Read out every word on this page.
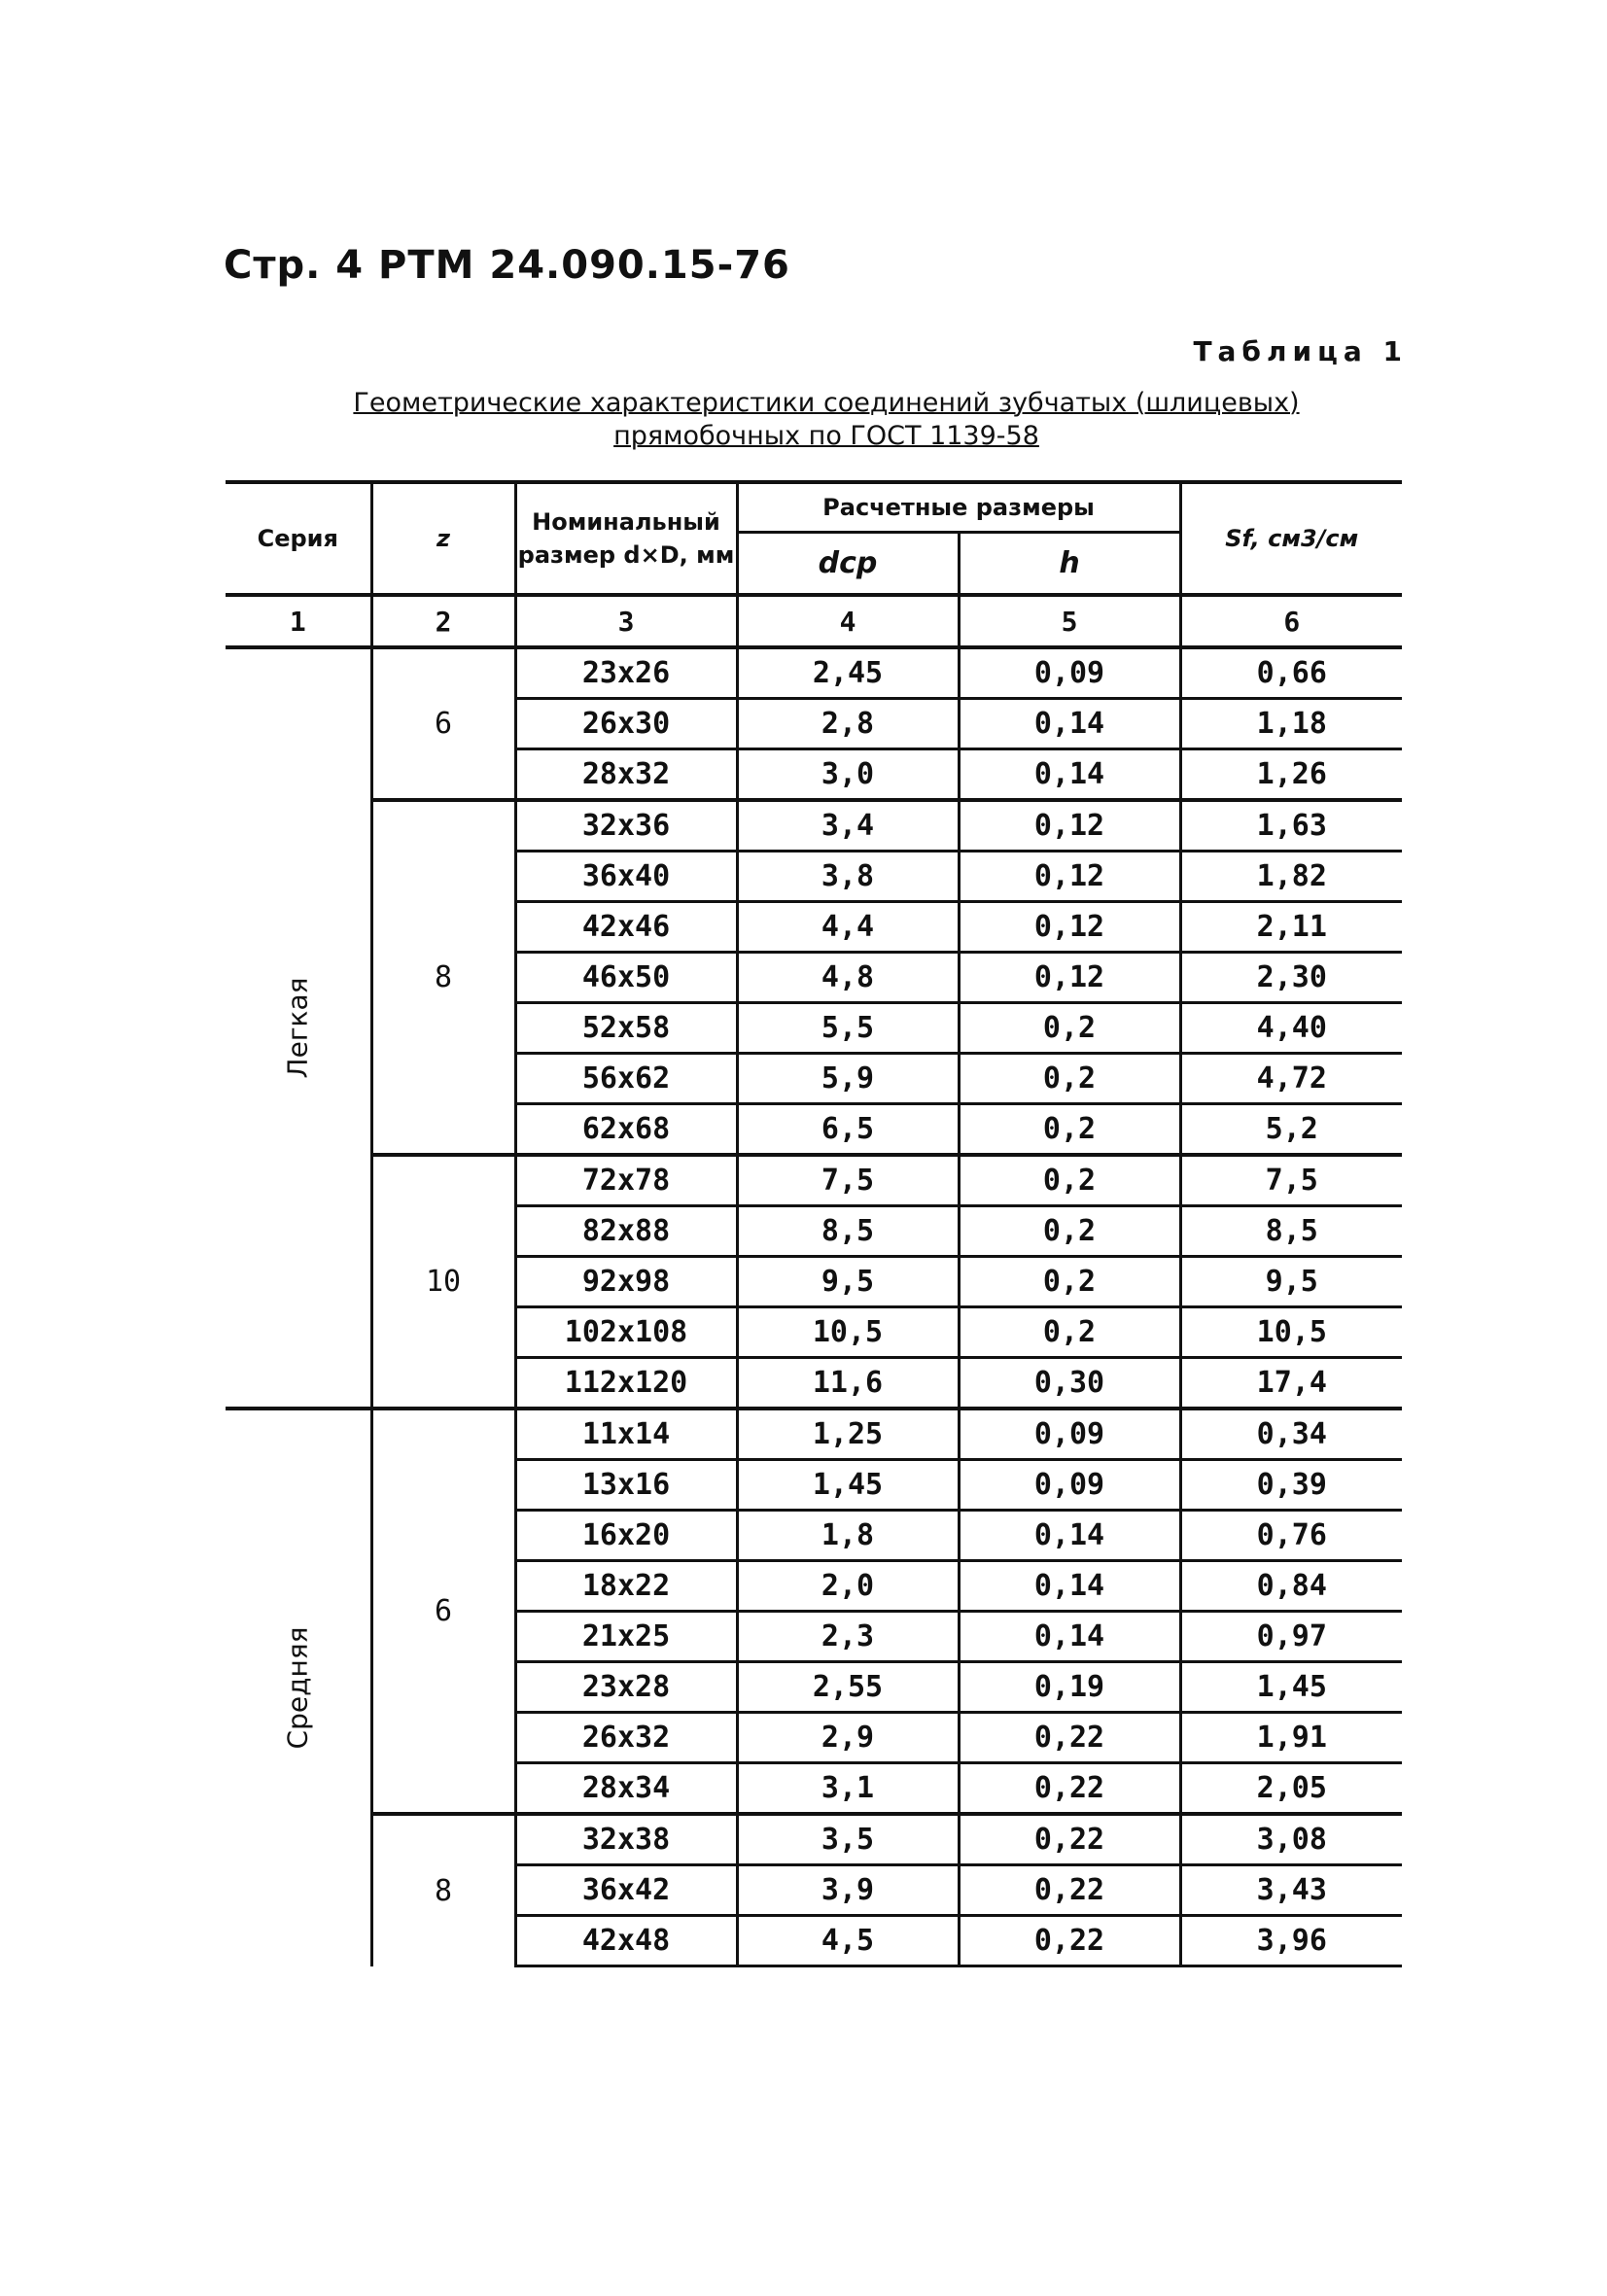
Стр. 4 РТМ 24.090.15-76
Таблица 1
Геометрические характеристики соединений зубчатых (шлицевых)
прямобочных по ГОСТ 1139-58
Серия	z	Номинальный размер d×D, мм	Расчетные размеры		Sf, см3/см
			dcp	h	
1	2	3	4	5	6
Легкая	6	23x26	2,45	0,09	0,66
		26x30	2,8	0,14	1,18
		28x32	3,0	0,14	1,26
	8	32x36	3,4	0,12	1,63
		36x40	3,8	0,12	1,82
		42x46	4,4	0,12	2,11
		46x50	4,8	0,12	2,30
		52x58	5,5	0,2	4,40
		56x62	5,9	0,2	4,72
		62x68	6,5	0,2	5,2
	10	72x78	7,5	0,2	7,5
		82x88	8,5	0,2	8,5
		92x98	9,5	0,2	9,5
		102x108	10,5	0,2	10,5
		112x120	11,6	0,30	17,4
Средняя	6	11x14	1,25	0,09	0,34
		13x16	1,45	0,09	0,39
		16x20	1,8	0,14	0,76
		18x22	2,0	0,14	0,84
		21x25	2,3	0,14	0,97
		23x28	2,55	0,19	1,45
		26x32	2,9	0,22	1,91
		28x34	3,1	0,22	2,05
	8	32x38	3,5	0,22	3,08
		36x42	3,9	0,22	3,43
		42x48	4,5	0,22	3,96
